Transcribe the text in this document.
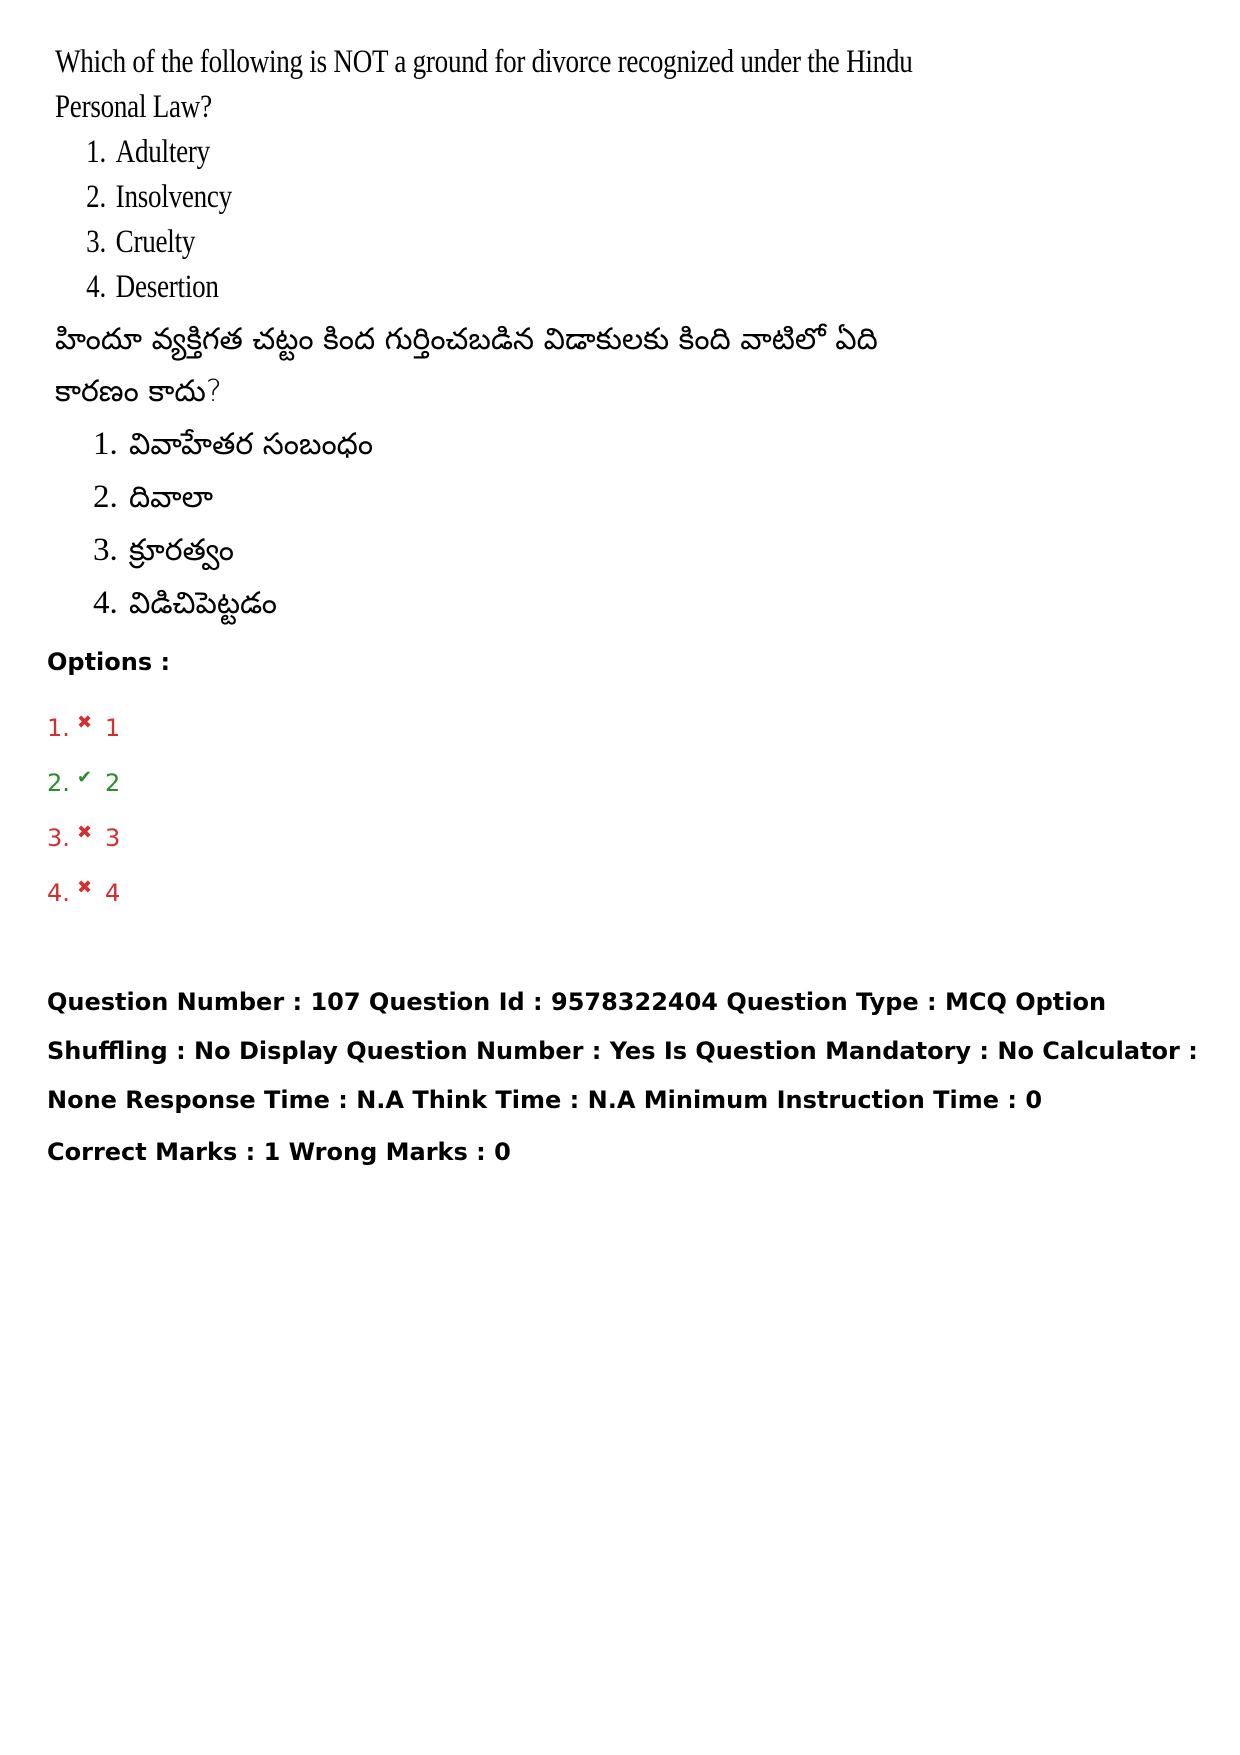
Which of the following is NOT a ground for divorce recognized under the Hindu Personal Law?
1. Adultery
2. Insolvency
3. Cruelty
4. Desertion
హిందూ వ్యక్తిగత చట్టం కింద గుర్తించబడిన విడాకులకు కింది వాటిలో ఏది కారణం కాదు?
1. వివాహేతర సంబంధం
2. దివాలా
3. క్రూరత్వం
4. విడిచిపెట్టడం

Options :

1. ✖ 1
2. ✔ 2
3. ✖ 3
4. ✖ 4

Question Number : 107 Question Id : 9578322404 Question Type : MCQ Option Shuffling : No Display Question Number : Yes Is Question Mandatory : No Calculator : None Response Time : N.A Think Time : N.A Minimum Instruction Time : 0

Correct Marks : 1 Wrong Marks : 0
